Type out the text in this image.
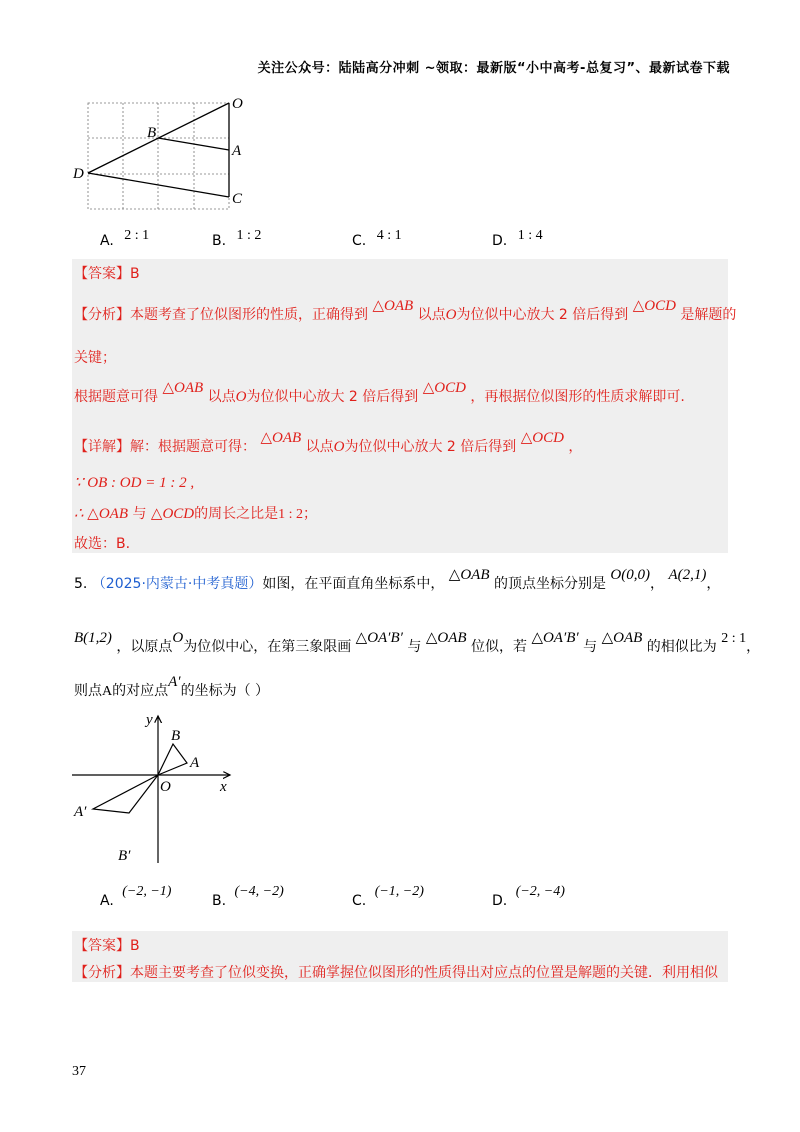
关注公众号：陆陆高分冲刺 ~领取：最新版“小中高考-总复习”、最新试卷下载
O
B
A
D
C
A. 2 : 1	B. 1 : 2	C. 4 : 1	D. 1 : 4
【答案】B
【分析】本题考查了位似图形的性质，正确得到 △OAB 以点O为位似中心放大 2 倍后得到 △OCD 是解题的
关键；
根据题意可得 △OAB 以点O为位似中心放大 2 倍后得到 △OCD ，再根据位似图形的性质求解即可.
【详解】解：根据题意可得： △OAB 以点O为位似中心放大 2 倍后得到 △OCD ，
∵ OB : OD = 1 : 2 ,
∴ △OAB 与 △OCD的周长之比是1 : 2；
故选：B.
5. （2025·内蒙古·中考真题）如图，在平面直角坐标系中， △OAB 的顶点坐标分别是 O(0,0)， A(2,1)，
B(1,2) ，以原点O为位似中心，在第三象限画 △OA′B′ 与 △OAB 位似，若 △OA′B′ 与 △OAB 的相似比为 2 : 1，
则点A的对应点A′的坐标为（ ）
y
x
O
B
A
A′
B′
A. (−2, −1)
B. (−4, −2)
C. (−1, −2)
D. (−2, −4)
【答案】B
【分析】本题主要考查了位似变换，正确掌握位似图形的性质得出对应点的位置是解题的关键．利用相似
37
